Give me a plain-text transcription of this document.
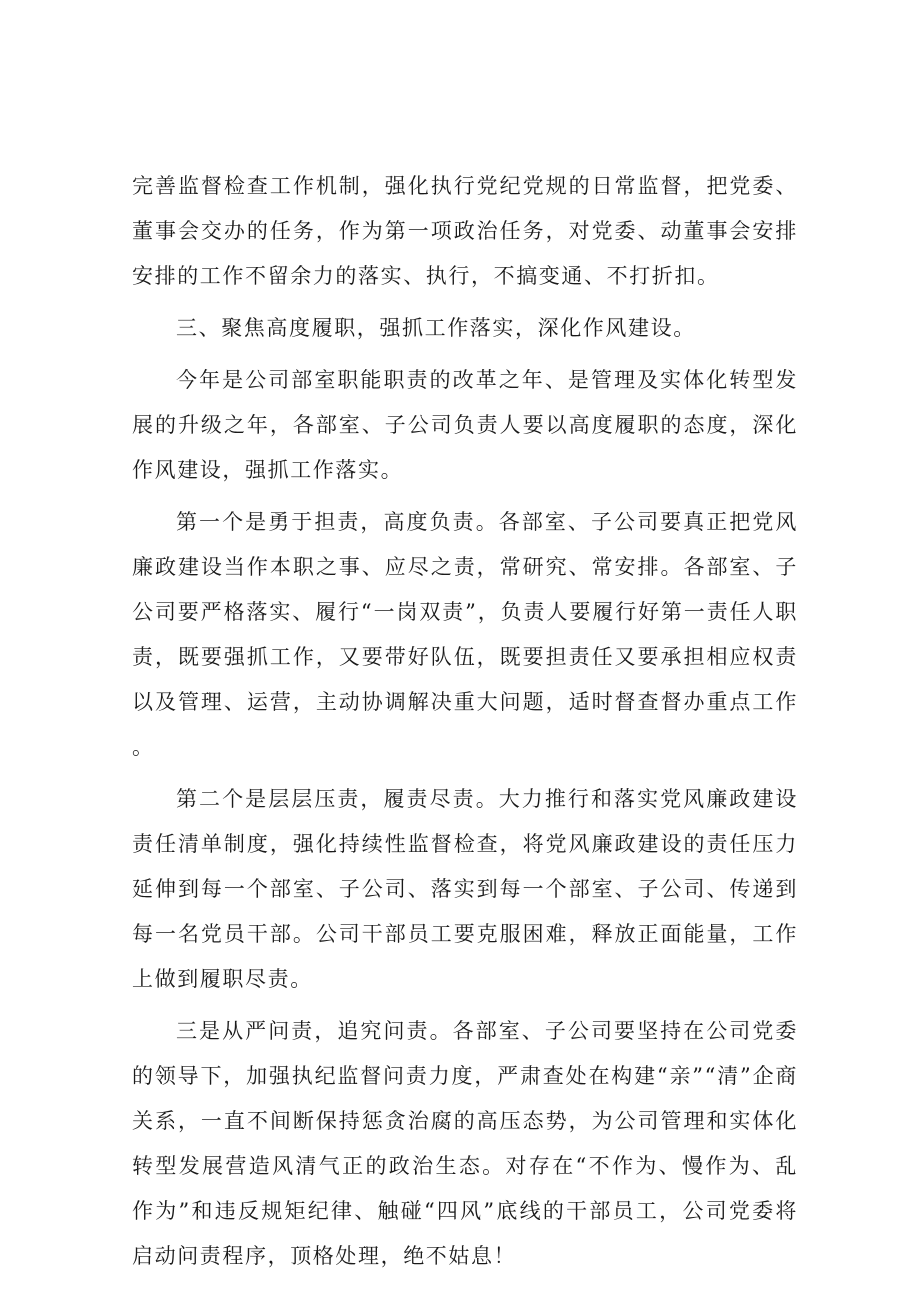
完善监督检查工作机制，强化执行党纪党规的日常监督，把党委、董事会交办的任务，作为第一项政治任务，对党委、动董事会安排安排的工作不留余力的落实、执行，不搞变通、不打折扣。

三、聚焦高度履职，强抓工作落实，深化作风建设。

今年是公司部室职能职责的改革之年、是管理及实体化转型发展的升级之年，各部室、子公司负责人要以高度履职的态度，深化作风建设，强抓工作落实。

第一个是勇于担责，高度负责。各部室、子公司要真正把党风廉政建设当作本职之事、应尽之责，常研究、常安排。各部室、子公司要严格落实、履行“一岗双责”，负责人要履行好第一责任人职责，既要强抓工作，又要带好队伍，既要担责任又要承担相应权责以及管理、运营，主动协调解决重大问题，适时督查督办重点工作。

第二个是层层压责，履责尽责。大力推行和落实党风廉政建设责任清单制度，强化持续性监督检查，将党风廉政建设的责任压力延伸到每一个部室、子公司、落实到每一个部室、子公司、传递到每一名党员干部。公司干部员工要克服困难，释放正面能量，工作上做到履职尽责。

三是从严问责，追究问责。各部室、子公司要坚持在公司党委的领导下，加强执纪监督问责力度，严肃查处在构建“亲”“清”企商关系，一直不间断保持惩贪治腐的高压态势，为公司管理和实体化转型发展营造风清气正的政治生态。对存在“不作为、慢作为、乱作为”和违反规矩纪律、触碰“四风”底线的干部员工，公司党委将启动问责程序，顶格处理，绝不姑息！
